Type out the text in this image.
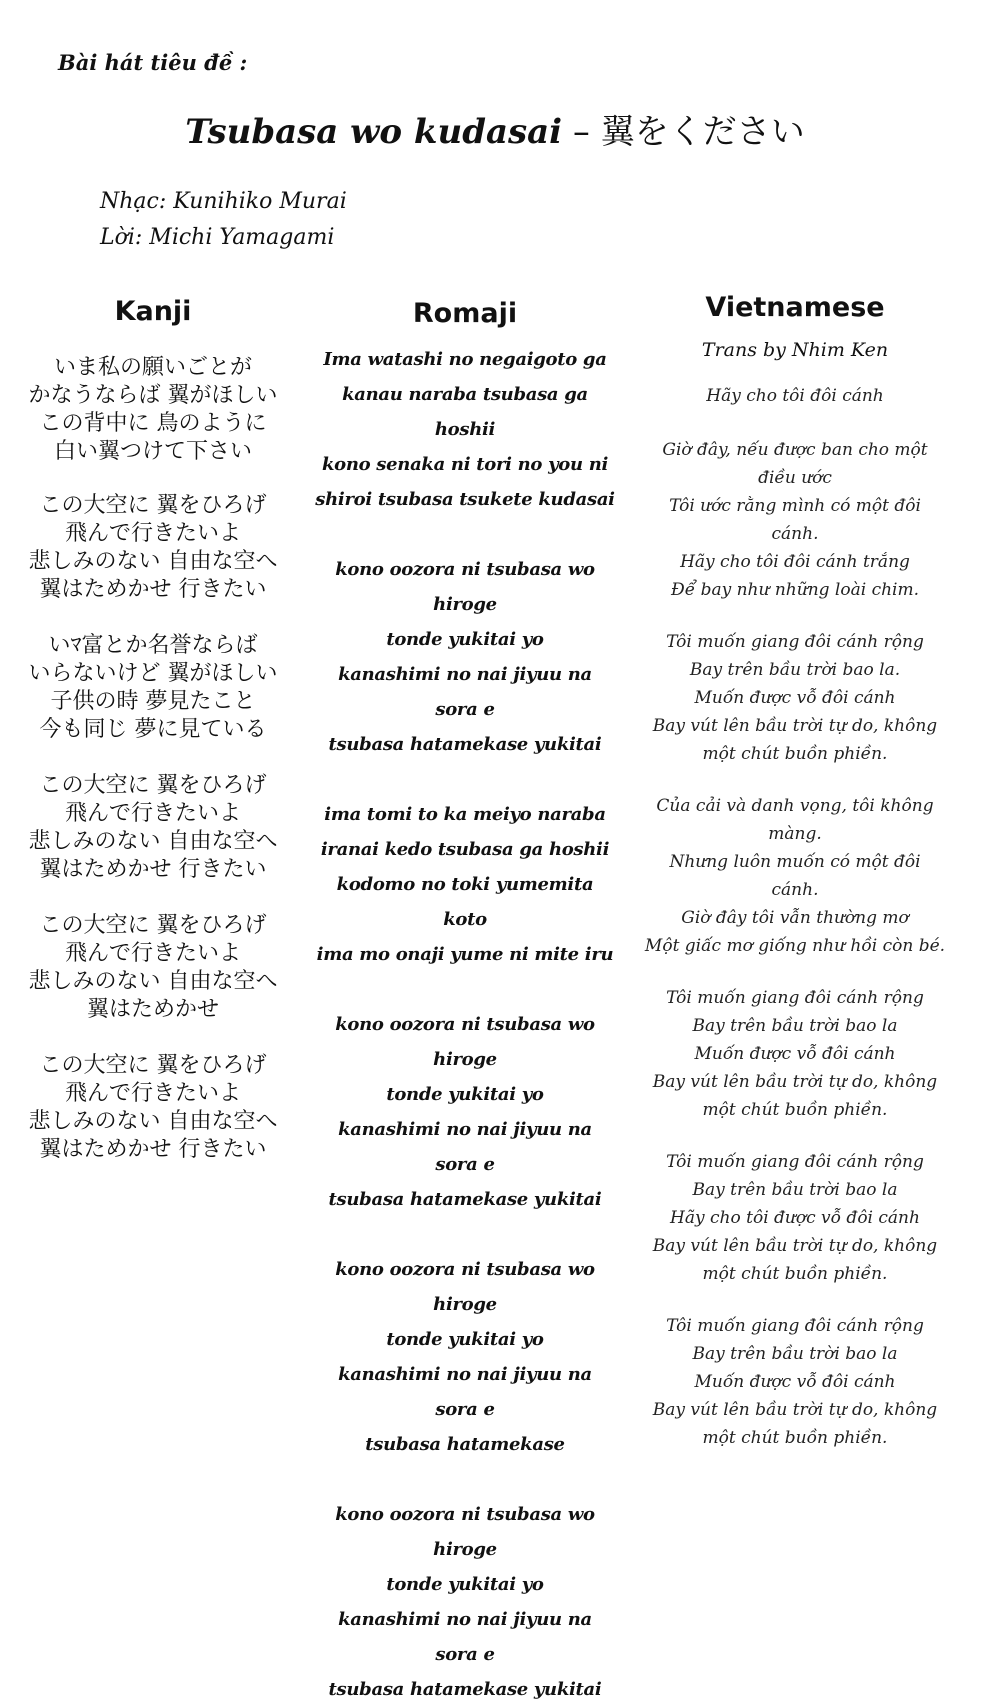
Bài hát tiêu đề :
Tsubasa wo kudasai – 翼をください
Nhạc: Kunihiko Murai
Lời: Michi Yamagami
Kanji
いま私の願いごとが
かなうならば 翼がほしい
この背中に 鳥のように
白い翼つけて下さい
この大空に 翼をひろげ
飛んで行きたいよ
悲しみのない 自由な空へ
翼はためかせ 行きたい
いﾏ富とか名誉ならば
いらないけど 翼がほしい
子供の時 夢見たこと
今も同じ 夢に見ている
この大空に 翼をひろげ
飛んで行きたいよ
悲しみのない 自由な空へ
翼はためかせ 行きたい
この大空に 翼をひろげ
飛んで行きたいよ
悲しみのない 自由な空へ
翼はためかせ
この大空に 翼をひろげ
飛んで行きたいよ
悲しみのない 自由な空へ
翼はためかせ 行きたい
Romaji
Ima watashi no negaigoto ga
kanau naraba tsubasa ga hoshii
kono senaka ni tori no you ni
shiroi tsubasa tsukete kudasai
kono oozora ni tsubasa wo hiroge
tonde yukitai yo
kanashimi no nai jiyuu na sora e
tsubasa hatamekase yukitai
ima tomi to ka meiyo naraba
iranai kedo tsubasa ga hoshii
kodomo no toki yumemita koto
ima mo onaji yume ni mite iru
kono oozora ni tsubasa wo hiroge
tonde yukitai yo
kanashimi no nai jiyuu na sora e
tsubasa hatamekase yukitai
kono oozora ni tsubasa wo hiroge
tonde yukitai yo
kanashimi no nai jiyuu na sora e
tsubasa hatamekase
kono oozora ni tsubasa wo hiroge
tonde yukitai yo
kanashimi no nai jiyuu na sora e
tsubasa hatamekase yukitai
Vietnamese
Trans by Nhim Ken
Hãy cho tôi đôi cánh
Giờ đây, nếu được ban cho một
điều ước
Tôi ước rằng mình có một đôi
cánh.
Hãy cho tôi đôi cánh trắng
Để bay như những loài chim.
Tôi muốn giang đôi cánh rộng
Bay trên bầu trời bao la.
Muốn được vỗ đôi cánh
Bay vút lên bầu trời tự do, không
một chút buồn phiền.
Của cải và danh vọng, tôi không
màng.
Nhưng luôn muốn có một đôi
cánh.
Giờ đây tôi vẫn thường mơ
Một giấc mơ giống như hồi còn bé.
Tôi muốn giang đôi cánh rộng
Bay trên bầu trời bao la
Muốn được vỗ đôi cánh
Bay vút lên bầu trời tự do, không
một chút buồn phiền.
Tôi muốn giang đôi cánh rộng
Bay trên bầu trời bao la
Hãy cho tôi được vỗ đôi cánh
Bay vút lên bầu trời tự do, không
một chút buồn phiền.
Tôi muốn giang đôi cánh rộng
Bay trên bầu trời bao la
Muốn được vỗ đôi cánh
Bay vút lên bầu trời tự do, không
một chút buồn phiền.
